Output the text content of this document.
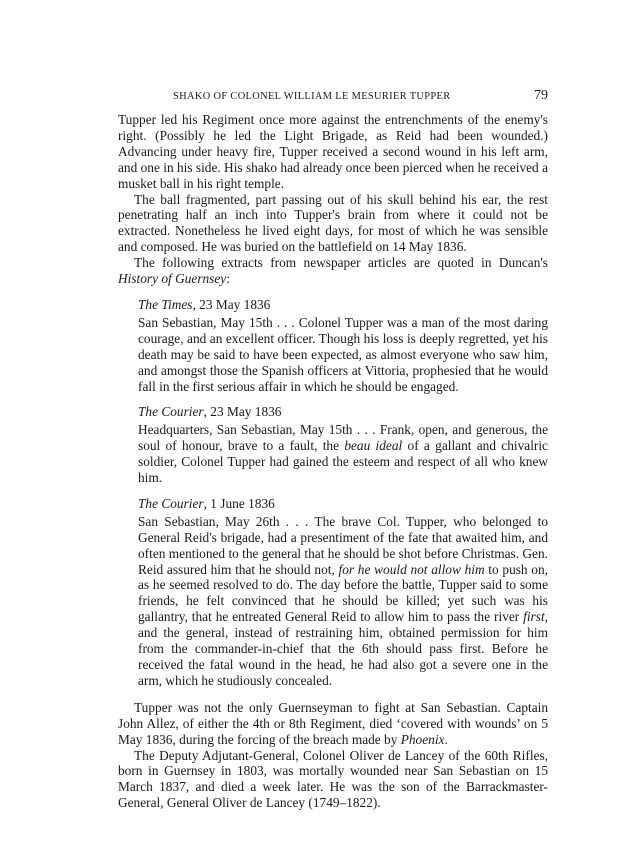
SHAKO OF COLONEL WILLIAM LE MESURIER TUPPER	79

Tupper led his Regiment once more against the entrenchments of the enemy's right. (Possibly he led the Light Brigade, as Reid had been wounded.) Advancing under heavy fire, Tupper received a second wound in his left arm, and one in his side. His shako had already once been pierced when he received a musket ball in his right temple.

The ball fragmented, part passing out of his skull behind his ear, the rest penetrating half an inch into Tupper's brain from where it could not be extracted. Nonetheless he lived eight days, for most of which he was sensible and composed. He was buried on the battlefield on 14 May 1836.

The following extracts from newspaper articles are quoted in Duncan's History of Guernsey:

The Times, 23 May 1836

San Sebastian, May 15th . . . Colonel Tupper was a man of the most daring courage, and an excellent officer. Though his loss is deeply regretted, yet his death may be said to have been expected, as almost everyone who saw him, and amongst those the Spanish officers at Vittoria, prophesied that he would fall in the first serious affair in which he should be engaged.

The Courier, 23 May 1836

Headquarters, San Sebastian, May 15th . . . Frank, open, and generous, the soul of honour, brave to a fault, the beau ideal of a gallant and chivalric soldier, Colonel Tupper had gained the esteem and respect of all who knew him.

The Courier, 1 June 1836

San Sebastian, May 26th . . . The brave Col. Tupper, who belonged to General Reid's brigade, had a presentiment of the fate that awaited him, and often mentioned to the general that he should be shot before Christmas. Gen. Reid assured him that he should not, for he would not allow him to push on, as he seemed resolved to do. The day before the battle, Tupper said to some friends, he felt convinced that he should be killed; yet such was his gallantry, that he entreated General Reid to allow him to pass the river first, and the general, instead of restraining him, obtained permission for him from the commander-in-chief that the 6th should pass first. Before he received the fatal wound in the head, he had also got a severe one in the arm, which he studiously concealed.

Tupper was not the only Guernseyman to fight at San Sebastian. Captain John Allez, of either the 4th or 8th Regiment, died ‘covered with wounds’ on 5 May 1836, during the forcing of the breach made by Phoenix.

The Deputy Adjutant-General, Colonel Oliver de Lancey of the 60th Rifles, born in Guernsey in 1803, was mortally wounded near San Sebastian on 15 March 1837, and died a week later. He was the son of the Barrackmaster-General, General Oliver de Lancey (1749–1822).
